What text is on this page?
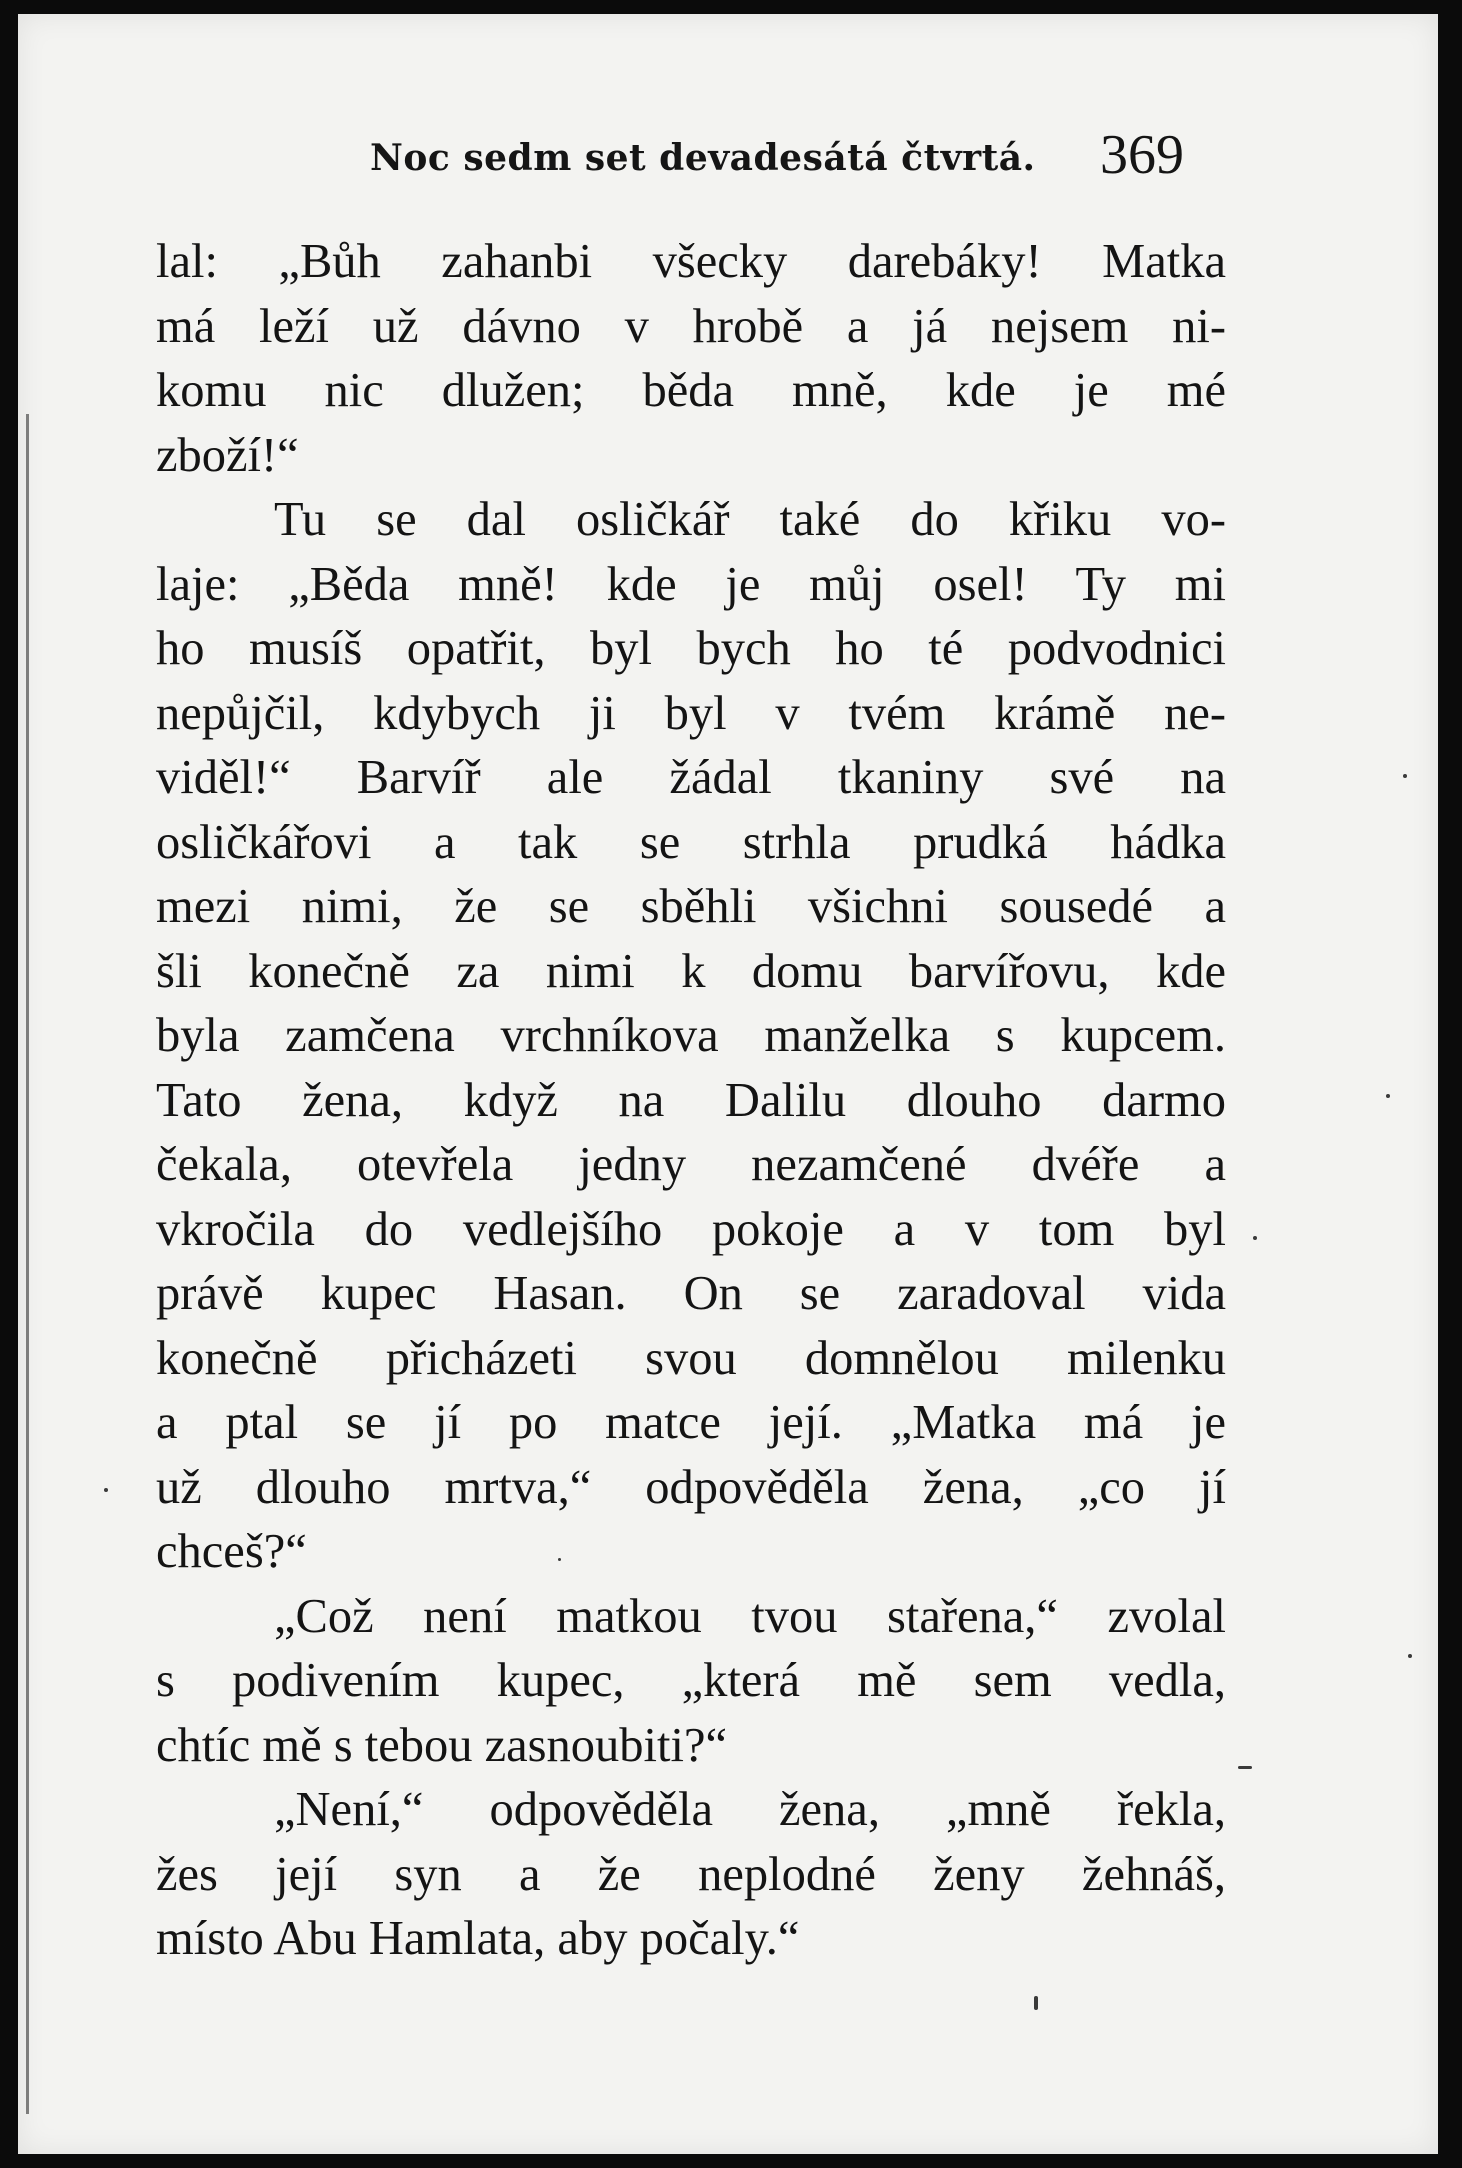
Noc sedm set devadesátá čtvrtá. 369
lal: „Bůh zahanbi všecky darebáky! Matka
má leží už dávno v hrobě a já nejsem ni-
komu nic dlužen; běda mně, kde je mé
zboží!“
Tu se dal osličkář také do křiku vo-
laje: „Běda mně! kde je můj osel! Ty mi
ho musíš opatřit, byl bych ho té podvodnici
nepůjčil, kdybych ji byl v tvém krámě ne-
viděl!“ Barvíř ale žádal tkaniny své na
osličkářovi a tak se strhla prudká hádka
mezi nimi, že se sběhli všichni sousedé a
šli konečně za nimi k domu barvířovu, kde
byla zamčena vrchníkova manželka s kupcem.
Tato žena, když na Dalilu dlouho darmo
čekala, otevřela jedny nezamčené dvéře a
vkročila do vedlejšího pokoje a v tom byl
právě kupec Hasan. On se zaradoval vida
konečně přicházeti svou domnělou milenku
a ptal se jí po matce její. „Matka má je
už dlouho mrtva,“ odpověděla žena, „co jí
chceš?“
„Což není matkou tvou stařena,“ zvolal
s podivením kupec, „která mě sem vedla,
chtíc mě s tebou zasnoubiti?“
„Není,“ odpověděla žena, „mně řekla,
žes její syn a že neplodné ženy žehnáš,
místo Abu Hamlata, aby počaly.“
